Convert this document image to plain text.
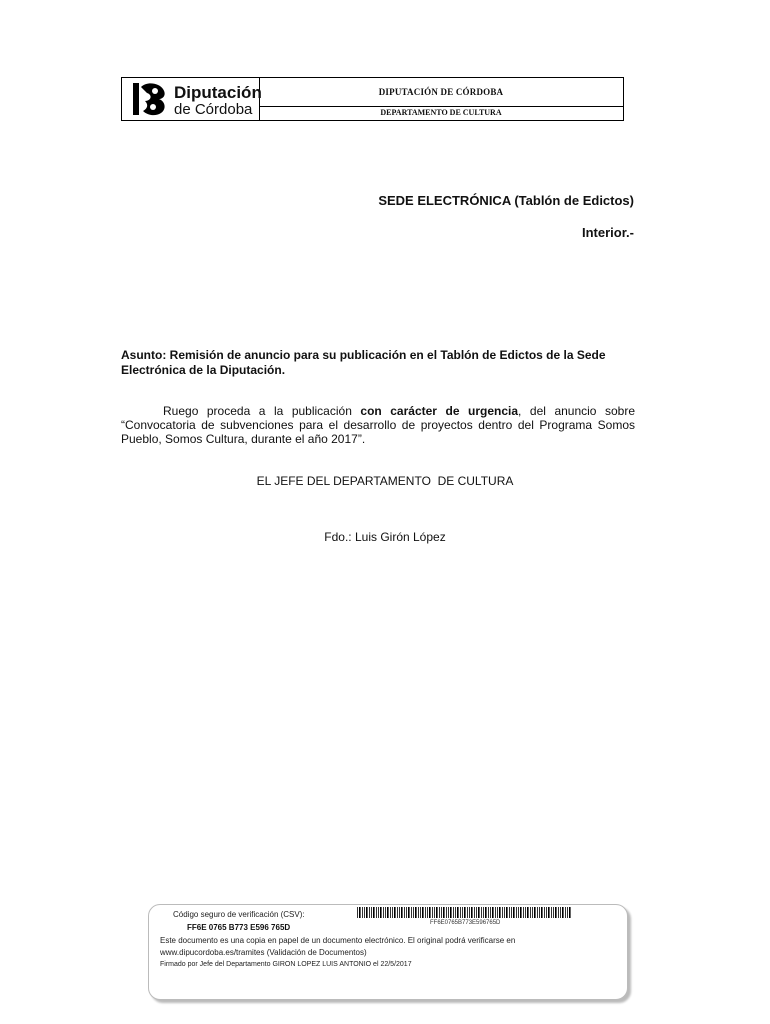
Diputación
de Córdoba
DIPUTACIÓN DE CÓRDOBA
DEPARTAMENTO DE CULTURA
SEDE ELECTRÓNICA (Tablón de Edictos)
Interior.-
Asunto: Remisión de anuncio para su publicación en el Tablón de Edictos de la Sede Electrónica de la Diputación.
Ruego proceda a la publicación con carácter de urgencia, del anuncio sobre “Convocatoria de subvenciones para el desarrollo de proyectos dentro del Programa Somos Pueblo, Somos Cultura, durante el año 2017”.
EL JEFE DEL DEPARTAMENTO  DE CULTURA
Fdo.: Luis Girón López
Código seguro de verificación (CSV):
FF6E 0765 B773 E596 765D	FF6E0765B773E596765D
Este documento es una copia en papel de un documento electrónico. El original podrá verificarse en
www.dipucordoba.es/tramites (Validación de Documentos)
Firmado por Jefe del Departamento GIRON LOPEZ LUIS ANTONIO el 22/5/2017
